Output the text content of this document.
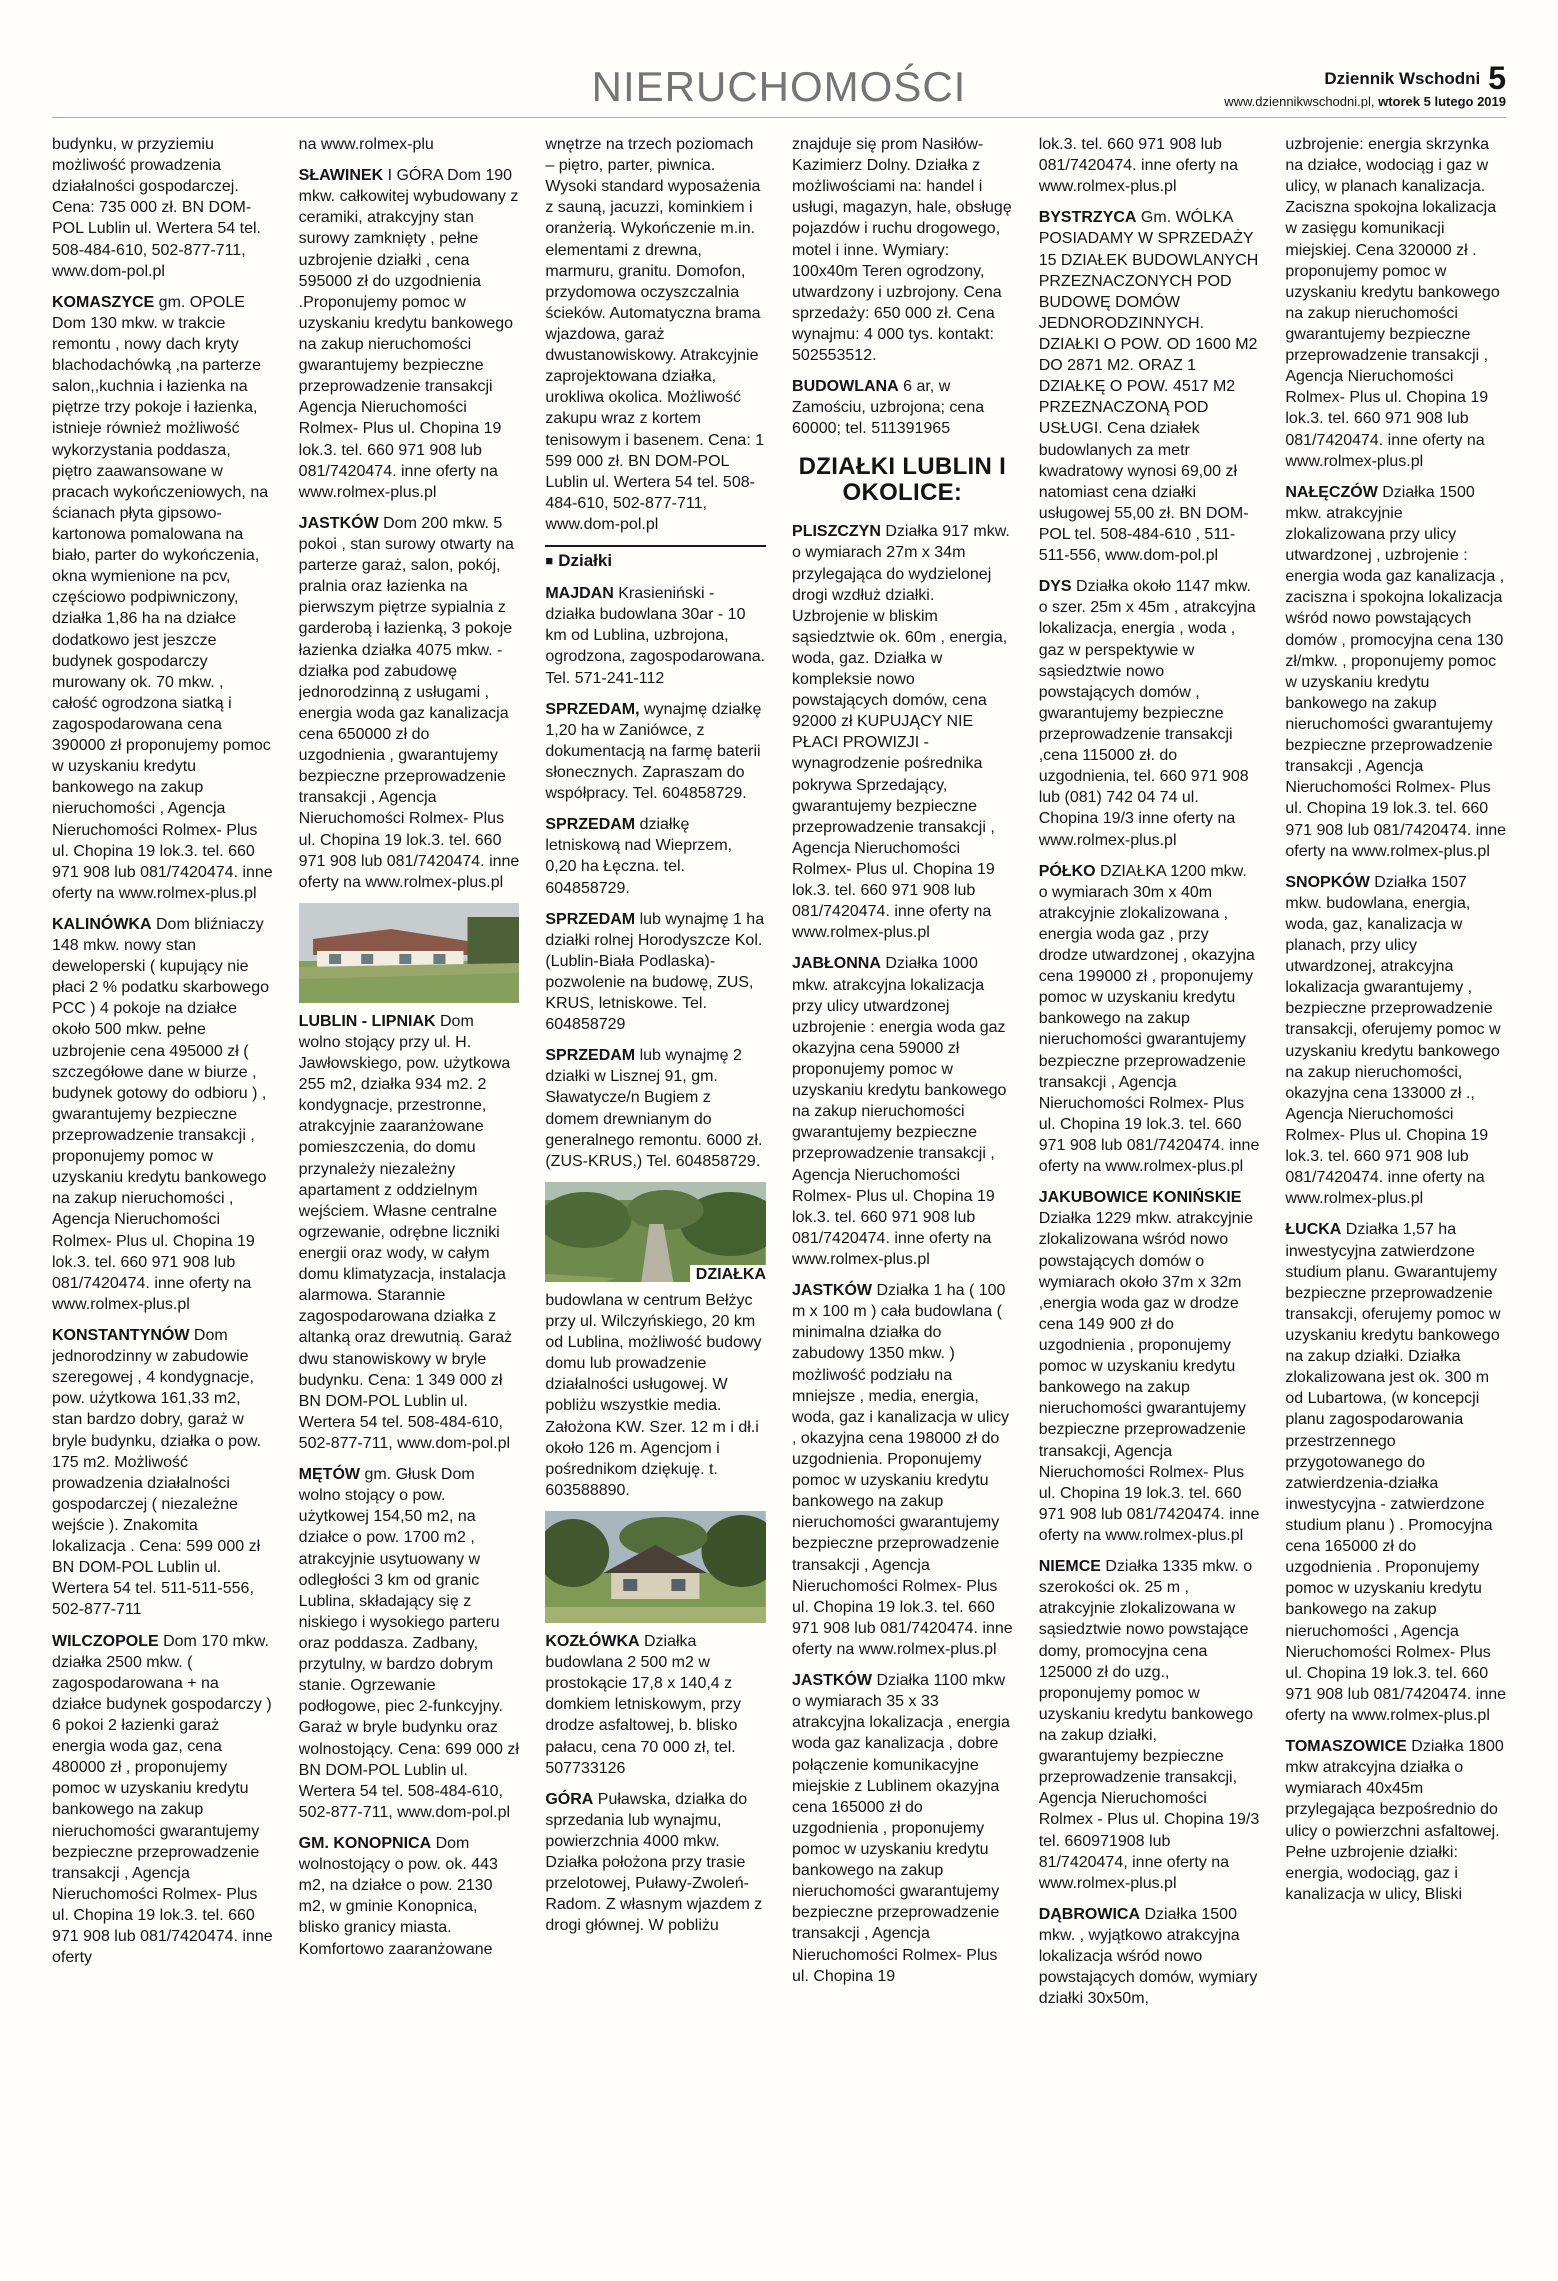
NIERUCHOMOŚCI	Dziennik Wschodni 5
www.dziennikwschodni.pl, wtorek 5 lutego 2019

budynku, w przyziemiu możliwość prowadzenia działalności gospodarczej. Cena: 735 000 zł. BN DOM-POL Lublin ul. Wertera 54 tel. 508-484-610, 502-877-711, www.dom-pol.pl

KOMASZYCE gm. OPOLE Dom 130 mkw. w trakcie remontu , nowy dach kryty blachodachówką ,na parterze salon,,kuchnia i łazienka na piętrze trzy pokoje i łazienka, istnieje również możliwość wykorzystania poddasza, piętro zaawansowane w pracach wykończeniowych, na ścianach płyta gipsowo-kartonowa pomalowana na biało, parter do wykończenia, okna wymienione na pcv, częściowo podpiwniczony, działka 1,86 ha na działce dodatkowo jest jeszcze budynek gospodarczy murowany ok. 70 mkw. , całość ogrodzona siatką i zagospodarowana cena 390000 zł proponujemy pomoc w uzyskaniu kredytu bankowego na zakup nieruchomości , Agencja Nieruchomości Rolmex- Plus ul. Chopina 19 lok.3. tel. 660 971 908 lub 081/7420474. inne oferty na www.rolmex-plus.pl

KALINÓWKA Dom bliźniaczy 148 mkw. nowy stan deweloperski ( kupujący nie płaci 2 % podatku skarbowego PCC ) 4 pokoje na działce około 500 mkw. pełne uzbrojenie cena 495000 zł ( szczegółowe dane w biurze , budynek gotowy do odbioru ) , gwarantujemy bezpieczne przeprowadzenie transakcji , proponujemy pomoc w uzyskaniu kredytu bankowego na zakup nieruchomości , Agencja Nieruchomości Rolmex- Plus ul. Chopina 19 lok.3. tel. 660 971 908 lub 081/7420474. inne oferty na www.rolmex-plus.pl

KONSTANTYNÓW Dom jednorodzinny w zabudowie szeregowej , 4 kondygnacje, pow. użytkowa 161,33 m2, stan bardzo dobry, garaż w bryle budynku, działka o pow. 175 m2. Możliwość prowadzenia działalności gospodarczej ( niezależne wejście ). Znakomita lokalizacja . Cena: 599 000 zł BN DOM-POL Lublin ul. Wertera 54 tel. 511-511-556, 502-877-711

WILCZOPOLE Dom 170 mkw. działka 2500 mkw. ( zagospodarowana + na działce budynek gospodarczy ) 6 pokoi 2 łazienki garaż energia woda gaz, cena 480000 zł , proponujemy pomoc w uzyskaniu kredytu bankowego na zakup nieruchomości gwarantujemy bezpieczne przeprowadzenie transakcji , Agencja Nieruchomości Rolmex- Plus ul. Chopina 19 lok.3. tel. 660 971 908 lub 081/7420474. inne oferty

na www.rolmex-plu

SŁAWINEK I GÓRA Dom 190 mkw. całkowitej wybudowany z ceramiki, atrakcyjny stan surowy zamknięty , pełne uzbrojenie działki , cena 595000 zł do uzgodnienia .Proponujemy pomoc w uzyskaniu kredytu bankowego na zakup nieruchomości gwarantujemy bezpieczne przeprowadzenie transakcji Agencja Nieruchomości Rolmex- Plus ul. Chopina 19 lok.3. tel. 660 971 908 lub 081/7420474. inne oferty na www.rolmex-plus.pl

JASTKÓW Dom 200 mkw. 5 pokoi , stan surowy otwarty na parterze garaż, salon, pokój, pralnia oraz łazienka na pierwszym piętrze sypialnia z garderobą i łazienką, 3 pokoje łazienka działka 4075 mkw. - działka pod zabudowę jednorodzinną z usługami , energia woda gaz kanalizacja cena 650000 zł do uzgodnienia , gwarantujemy bezpieczne przeprowadzenie transakcji , Agencja Nieruchomości Rolmex- Plus ul. Chopina 19 lok.3. tel. 660 971 908 lub 081/7420474. inne oferty na www.rolmex-plus.pl

LUBLIN - LIPNIAK Dom wolno stojący przy ul. H. Jawłowskiego, pow. użytkowa 255 m2, działka 934 m2. 2 kondygnacje, przestronne, atrakcyjnie zaaranżowane pomieszczenia, do domu przynależy niezależny apartament z oddzielnym wejściem. Własne centralne ogrzewanie, odrębne liczniki energii oraz wody, w całym domu klimatyzacja, instalacja alarmowa. Starannie zagospodarowana działka z altanką oraz drewutnią. Garaż dwu stanowiskowy w bryle budynku. Cena: 1 349 000 zł BN DOM-POL Lublin ul. Wertera 54 tel. 508-484-610, 502-877-711, www.dom-pol.pl

MĘTÓW gm. Głusk Dom wolno stojący o pow. użytkowej 154,50 m2, na działce o pow. 1700 m2 , atrakcyjnie usytuowany w odległości 3 km od granic Lublina, składający się z niskiego i wysokiego parteru oraz poddasza. Zadbany, przytulny, w bardzo dobrym stanie. Ogrzewanie podłogowe, piec 2-funkcyjny. Garaż w bryle budynku oraz wolnostojący. Cena: 699 000 zł BN DOM-POL Lublin ul. Wertera 54 tel. 508-484-610, 502-877-711, www.dom-pol.pl

GM. KONOPNICA Dom wolnostojący o pow. ok. 443 m2, na działce o pow. 2130 m2, w gminie Konopnica, blisko granicy miasta. Komfortowo zaaranżowane

wnętrze na trzech poziomach – piętro, parter, piwnica. Wysoki standard wyposażenia z sauną, jacuzzi, kominkiem i oranżerią. Wykończenie m.in. elementami z drewna, marmuru, granitu. Domofon, przydomowa oczyszczalnia ścieków. Automatyczna brama wjazdowa, garaż dwustanowiskowy. Atrakcyjnie zaprojektowana działka, urokliwa okolica. Możliwość zakupu wraz z kortem tenisowym i basenem. Cena: 1 599 000 zł. BN DOM-POL Lublin ul. Wertera 54 tel. 508-484-610, 502-877-711, www.dom-pol.pl

■ Działki

MAJDAN Krasieniński - działka budowlana 30ar - 10 km od Lublina, uzbrojona, ogrodzona, zagospodarowana. Tel. 571-241-112

SPRZEDAM, wynajmę działkę 1,20 ha w Zaniówce, z dokumentacją na farmę baterii słonecznych. Zapraszam do współpracy. Tel. 604858729.

SPRZEDAM działkę letniskową nad Wieprzem, 0,20 ha Łęczna. tel. 604858729.

SPRZEDAM lub wynajmę 1 ha działki rolnej Horodyszcze Kol. (Lublin-Biała Podlaska)-pozwolenie na budowę, ZUS, KRUS, letniskowe. Tel. 604858729

SPRZEDAM lub wynajmę 2 działki w Lisznej 91, gm. Sławatycze/n Bugiem z domem drewnianym do generalnego remontu. 6000 zł. (ZUS-KRUS,) Tel. 604858729.

DZIAŁKA

budowlana w centrum Bełżyc przy ul. Wilczyńskiego, 20 km od Lublina, możliwość budowy domu lub prowadzenie działalności usługowej. W pobliżu wszystkie media. Założona KW. Szer. 12 m i dł.i około 126 m. Agencjom i pośrednikom dziękuję. t. 603588890.

KOZŁÓWKA Działka budowlana 2 500 m2 w prostokącie 17,8 x 140,4 z domkiem letniskowym, przy drodze asfaltowej, b. blisko pałacu, cena 70 000 zł, tel. 507733126

GÓRA Puławska, działka do sprzedania lub wynajmu, powierzchnia 4000 mkw. Działka położona przy trasie przelotowej, Puławy-Zwoleń-Radom. Z własnym wjazdem z drogi głównej. W pobliżu

znajduje się prom Nasiłów-Kazimierz Dolny. Działka z możliwościami na: handel i usługi, magazyn, hale, obsługę pojazdów i ruchu drogowego, motel i inne. Wymiary: 100x40m Teren ogrodzony, utwardzony i uzbrojony. Cena sprzedaży: 650 000 zł. Cena wynajmu: 4 000 tys. kontakt: 502553512.

BUDOWLANA 6 ar, w Zamościu, uzbrojona; cena 60000; tel. 511391965

DZIAŁKI LUBLIN I OKOLICE:

PLISZCZYN Działka 917 mkw. o wymiarach 27m x 34m przylegająca do wydzielonej drogi wzdłuż działki. Uzbrojenie w bliskim sąsiedztwie ok. 60m , energia, woda, gaz. Działka w kompleksie nowo powstających domów, cena 92000 zł KUPUJĄCY NIE PŁACI PROWIZJI -wynagrodzenie pośrednika pokrywa Sprzedający, gwarantujemy bezpieczne przeprowadzenie transakcji , Agencja Nieruchomości Rolmex- Plus ul. Chopina 19 lok.3. tel. 660 971 908 lub 081/7420474. inne oferty na www.rolmex-plus.pl

JABŁONNA Działka 1000 mkw. atrakcyjna lokalizacja przy ulicy utwardzonej uzbrojenie : energia woda gaz okazyjna cena 59000 zł proponujemy pomoc w uzyskaniu kredytu bankowego na zakup nieruchomości gwarantujemy bezpieczne przeprowadzenie transakcji , Agencja Nieruchomości Rolmex- Plus ul. Chopina 19 lok.3. tel. 660 971 908 lub 081/7420474. inne oferty na www.rolmex-plus.pl

JASTKÓW Działka 1 ha ( 100 m x 100 m ) cała budowlana ( minimalna działka do zabudowy 1350 mkw. ) możliwość podziału na mniejsze , media, energia, woda, gaz i kanalizacja w ulicy , okazyjna cena 198000 zł do uzgodnienia. Proponujemy pomoc w uzyskaniu kredytu bankowego na zakup nieruchomości gwarantujemy bezpieczne przeprowadzenie transakcji , Agencja Nieruchomości Rolmex- Plus ul. Chopina 19 lok.3. tel. 660 971 908 lub 081/7420474. inne oferty na www.rolmex-plus.pl

JASTKÓW Działka 1100 mkw o wymiarach 35 x 33 atrakcyjna lokalizacja , energia woda gaz kanalizacja , dobre połączenie komunikacyjne miejskie z Lublinem okazyjna cena 165000 zł do uzgodnienia , proponujemy pomoc w uzyskaniu kredytu bankowego na zakup nieruchomości gwarantujemy bezpieczne przeprowadzenie transakcji , Agencja Nieruchomości Rolmex- Plus ul. Chopina 19

lok.3. tel. 660 971 908 lub 081/7420474. inne oferty na www.rolmex-plus.pl

BYSTRZYCA Gm. WÓLKA POSIADAMY W SPRZEDAŻY 15 DZIAŁEK BUDOWLANYCH PRZEZNACZONYCH POD BUDOWĘ DOMÓW JEDNORODZINNYCH. DZIAŁKI O POW. OD 1600 M2 DO 2871 M2. ORAZ 1 DZIAŁKĘ O POW. 4517 M2 PRZEZNACZONĄ POD USŁUGI. Cena działek budowlanych za metr kwadratowy wynosi 69,00 zł natomiast cena działki usługowej 55,00 zł. BN DOM-POL tel. 508-484-610 , 511-511-556, www.dom-pol.pl

DYS Działka około 1147 mkw. o szer. 25m x 45m , atrakcyjna lokalizacja, energia , woda , gaz w perspektywie w sąsiedztwie nowo powstających domów , gwarantujemy bezpieczne przeprowadzenie transakcji ,cena 115000 zł. do uzgodnienia, tel. 660 971 908 lub (081) 742 04 74 ul. Chopina 19/3 inne oferty na www.rolmex-plus.pl

PÓŁKO DZIAŁKA 1200 mkw. o wymiarach 30m x 40m atrakcyjnie zlokalizowana , energia woda gaz , przy drodze utwardzonej , okazyjna cena 199000 zł , proponujemy pomoc w uzyskaniu kredytu bankowego na zakup nieruchomości gwarantujemy bezpieczne przeprowadzenie transakcji , Agencja Nieruchomości Rolmex- Plus ul. Chopina 19 lok.3. tel. 660 971 908 lub 081/7420474. inne oferty na www.rolmex-plus.pl

JAKUBOWICE KONIŃSKIE Działka 1229 mkw. atrakcyjnie zlokalizowana wśród nowo powstających domów o wymiarach około 37m x 32m ,energia woda gaz w drodze cena 149 900 zł do uzgodnienia , proponujemy pomoc w uzyskaniu kredytu bankowego na zakup nieruchomości gwarantujemy bezpieczne przeprowadzenie transakcji, Agencja Nieruchomości Rolmex- Plus ul. Chopina 19 lok.3. tel. 660 971 908 lub 081/7420474. inne oferty na www.rolmex-plus.pl

NIEMCE Działka 1335 mkw. o szerokości ok. 25 m , atrakcyjnie zlokalizowana w sąsiedztwie nowo powstające domy, promocyjna cena 125000 zł do uzg., proponujemy pomoc w uzyskaniu kredytu bankowego na zakup działki, gwarantujemy bezpieczne przeprowadzenie transakcji, Agencja Nieruchomości Rolmex - Plus ul. Chopina 19/3 tel. 660971908 lub 81/7420474, inne oferty na www.rolmex-plus.pl

DĄBROWICA Działka 1500 mkw. , wyjątkowo atrakcyjna lokalizacja wśród nowo powstających domów, wymiary działki 30x50m,

uzbrojenie: energia skrzynka na działce, wodociąg i gaz w ulicy, w planach kanalizacja. Zaciszna spokojna lokalizacja w zasięgu komunikacji miejskiej. Cena 320000 zł . proponujemy pomoc w uzyskaniu kredytu bankowego na zakup nieruchomości gwarantujemy bezpieczne przeprowadzenie transakcji , Agencja Nieruchomości Rolmex- Plus ul. Chopina 19 lok.3. tel. 660 971 908 lub 081/7420474. inne oferty na www.rolmex-plus.pl

NAŁĘCZÓW Działka 1500 mkw. atrakcyjnie zlokalizowana przy ulicy utwardzonej , uzbrojenie : energia woda gaz kanalizacja , zaciszna i spokojna lokalizacja wśród nowo powstających domów , promocyjna cena 130 zł/mkw. , proponujemy pomoc w uzyskaniu kredytu bankowego na zakup nieruchomości gwarantujemy bezpieczne przeprowadzenie transakcji , Agencja Nieruchomości Rolmex- Plus ul. Chopina 19 lok.3. tel. 660 971 908 lub 081/7420474. inne oferty na www.rolmex-plus.pl

SNOPKÓW Działka 1507 mkw. budowlana, energia, woda, gaz, kanalizacja w planach, przy ulicy utwardzonej, atrakcyjna lokalizacja gwarantujemy , bezpieczne przeprowadzenie transakcji, oferujemy pomoc w uzyskaniu kredytu bankowego na zakup nieruchomości, okazyjna cena 133000 zł ., Agencja Nieruchomości Rolmex- Plus ul. Chopina 19 lok.3. tel. 660 971 908 lub 081/7420474. inne oferty na www.rolmex-plus.pl

ŁUCKA Działka 1,57 ha inwestycyjna zatwierdzone studium planu. Gwarantujemy bezpieczne przeprowadzenie transakcji, oferujemy pomoc w uzyskaniu kredytu bankowego na zakup działki. Działka zlokalizowana jest ok. 300 m od Lubartowa, (w koncepcji planu zagospodarowania przestrzennego przygotowanego do zatwierdzenia-działka inwestycyjna - zatwierdzone studium planu ) . Promocyjna cena 165000 zł do uzgodnienia . Proponujemy pomoc w uzyskaniu kredytu bankowego na zakup nieruchomości , Agencja Nieruchomości Rolmex- Plus ul. Chopina 19 lok.3. tel. 660 971 908 lub 081/7420474. inne oferty na www.rolmex-plus.pl

TOMASZOWICE Działka 1800 mkw atrakcyjna działka o wymiarach 40x45m przylegająca bezpośrednio do ulicy o powierzchni asfaltowej. Pełne uzbrojenie działki: energia, wodociąg, gaz i kanalizacja w ulicy, Bliski
